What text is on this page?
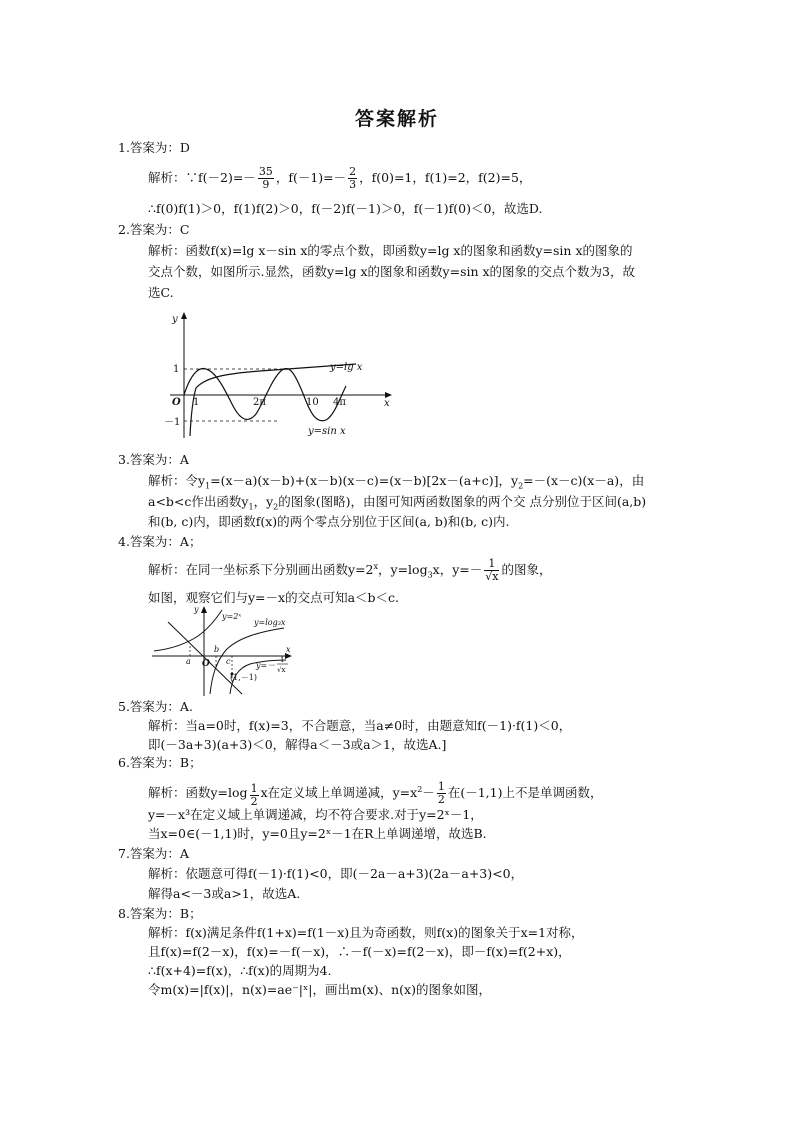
答案解析
1.答案为：D
解析：∵f(－2)=－ $\frac{35}{9}$ ，$f(-1)=- \frac{2}{3}$ ，f(0)=1，f(1)=2，f(2)=5，
∴f(0)f(1)＞0，f(1)f(2)＞0，f(－2)f(－1)＞0，f(－1)f(0)＜0，故选D.
2.答案为：C
解析：函数f(x)=lg x－sin x的零点个数，即函数y=lg x的图象和函数y=sin x的图象的
交点个数，如图所示.显然，函数y=lg x的图象和函数y=sin x的图象的交点个数为3，故
选C.
y
x
O
1
－1
1	2π	10 4π
y=lg x
y=sin x
3.答案为：A
解析：令$y_1=(x-a)(x-b)+(x-b)(x-c)=(x-b)[2x-(a+c)]$，$y_2=-(x-c)(x-a)$，由
a<b<c作出函数$y_1$，$y_2$的图象(图略)，由图可知两函数图象的两个交 点分别位于区间(a,b)
和(b, c)内，即函数f(x)的两个零点分别位于区间(a, b)和(b, c)内.
4.答案为：A；
解析：在同一坐标系下分别画出函数$y=2^x$，$y=\log_3x$，$y=- \frac{1}{√x}$ 的图象，
如图，观察它们与y=－x的交点可知a＜b＜c.
y
x
O
y=2ˣ
y=log₃x
a
b
c
(1,－1)
y=－
1
√x
5.答案为：A.
解析：当a=0时，f(x)=3，不合题意，当a≠0时，由题意知f(－1)·f(1)＜0，
即(－3a+3)(a+3)＜0，解得a＜－3或a＞1，故选A.]
6.答案为：B；
解析：函数$y=\log \frac{1}{2}$ x在定义域上单调递减，$y=x^2- \frac{1}{2}$ 在(－1,1)上不是单调函数，
y=－x³在定义域上单调递减，均不符合要求.对于y=2ˣ－1，
当x=0∈(－1,1)时，y=0且y=2ˣ－1在R上单调递增，故选B.
7.答案为：A
解析：依题意可得f(－1)·f(1)<0，即(－2a－a+3)(2a－a+3)<0，
解得a<－3或a>1，故选A.
8.答案为：B；
解析：f(x)满足条件f(1+x)=f(1－x)且为奇函数，则f(x)的图象关于x=1对称，
且f(x)=f(2－x)，f(x)=－f(－x)，∴－f(－x)=f(2－x)，即－f(x)=f(2+x)，
∴f(x+4)=f(x)，∴f(x)的周期为4.
令m(x)=|f(x)|，n(x)=ae⁻|ˣ|，画出m(x)、n(x)的图象如图，
